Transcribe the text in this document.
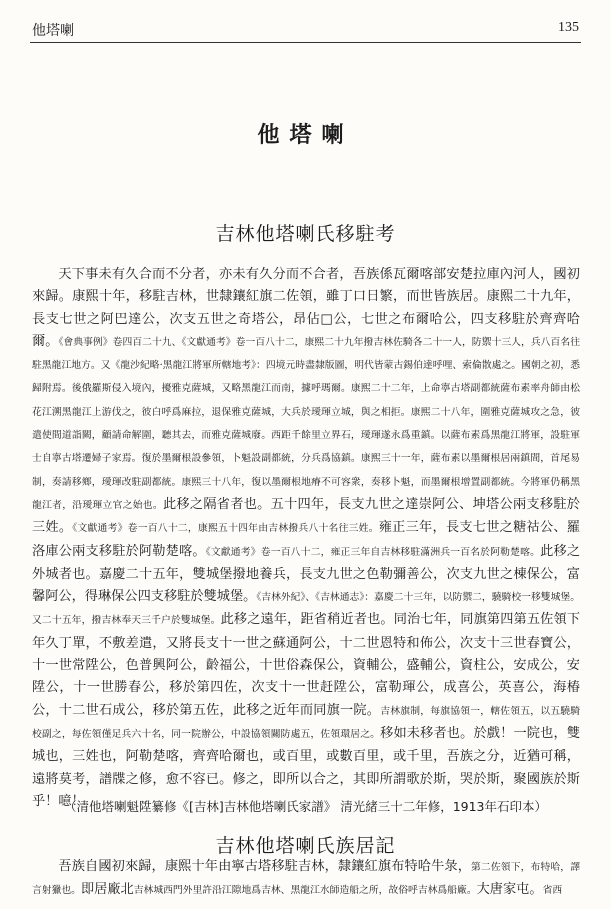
他塔喇	135
他塔喇
吉林他塔喇氏移駐考

天下事未有久合而不分者，亦未有久分而不合者，吾族係瓦爾喀部安楚拉庫內河人，國初來歸。康熙十年，移駐吉林，世隸鑲紅旗二佐領，雖丁口日繁，而世皆族居。康熙二十九年，長支七世之阿巴達公，次支五世之奇塔公，昂佔□公，七世之布爾哈公，四支移駐於齊齊哈爾。《會典事例》卷四百二十九、《文獻通考》卷一百八十二，康熙二十九年撥吉林佐騎各二十一人，防禦十三人，兵八百名往駐黑龍江地方。又《龍沙紀略·黑龍江將軍所轄地考》：四境元時盡隸版圖，明代皆蒙古錫伯達呼哩、索倫散處之。國朝之初，悉歸附焉。後俄羅斯侵入境內，擾雅克薩城，又略黑龍江而南，據呼瑪爾。康熙二十二年，上命寧古塔副都統薩布素率舟師由松花江溯黑龍江上游伐之，彼白呼爲麻拉，退保雅克薩城，大兵於璦琿立城，與之相拒。康熙二十八年，圍雅克薩城攻之急，彼遣使間道詣闕，顧請命解圍，聽其去，而雅克薩城廢。西距千餘里立界石，璦琿遂永爲重鎮。以薩布素爲黑龍江將軍，設駐軍士自寧古塔遷婦子家焉。復於墨爾根設參領，卜魁設副都統，分兵爲協鎮。康熙三十一年，薩布素以墨爾根居兩鎮間，首尾易制，奏請移鄉，璦琿改駐副都統。康熙三十八年，復以墨爾根地瘠不可容衆，奏移卜魁，而墨爾根增置副都統。今將軍仍稱黑龍江者，沿璦琿立官之始也。此移之隔省者也。五十四年，長支九世之達崇阿公、坤塔公兩支移駐於三姓。《文獻通考》卷一百八十二，康熙五十四年由吉林撥兵八十名往三姓。雍正三年，長支七世之糖祜公、羅洛庫公兩支移駐於阿勒楚喀。《文獻通考》卷一百八十二，雍正三年自吉林移駐滿洲兵一百名於阿勒楚喀。此移之外城者也。嘉慶二十五年，雙城堡撥地養兵，長支九世之色勒彌善公，次支九世之棟保公，富馨阿公，得琳保公四支移駐於雙城堡。《吉林外紀》、《吉林通志》：嘉慶二十三年，以防禦二，驍騎校一移雙城堡。又二十五年，撥吉林奉天三千户於雙城堡。此移之遠年，距省稍近者也。同治七年，同旗第四第五佐領下年久丁單，不敷差遣，又將長支十一世之蘇通阿公，十二世恩特和佈公，次支十三世春寶公，十一世常陞公，色普興阿公，齡福公，十世俗森保公，資輔公，盛輔公，資柱公，安成公，安陞公，十一世勝春公，移於第四佐，次支十一世赶陞公，富勒琿公，成喜公，英喜公，海椿公，十二世石成公，移於第五佐，此移之近年而同旗一院。吉林旗制，每旗協領一，轄佐領五，以五驍騎校副之，每佐領僅足兵六十名，同一院辦公，中設協領關防處五，佐領環居之。移如未移者也。於戲！一院也，雙城也，三姓也，阿勒楚喀，齊齊哈爾也，或百里，或數百里，或千里，吾族之分，近猶可稱，遠將莫考，譜牒之修，愈不容已。修之，即所以合之，其即所謂歌於斯，哭於斯，聚國族於斯乎！噫！

（清他塔喇魁陞纂修《[吉林]吉林他塔喇氏家譜》 清光緒三十二年修，1913年石印本）
吉林他塔喇氏族居記

吾族自國初來歸，康熙十年由寧古塔移駐吉林，隸鑲紅旗布特哈牛彔，第二佐領下，布特哈，譯言射獵也。即居廠北吉林城西門外里許沿江隙地爲吉林、黑龍江水師造船之所，故俗呼吉林爲船廠。大唐家屯。省西
